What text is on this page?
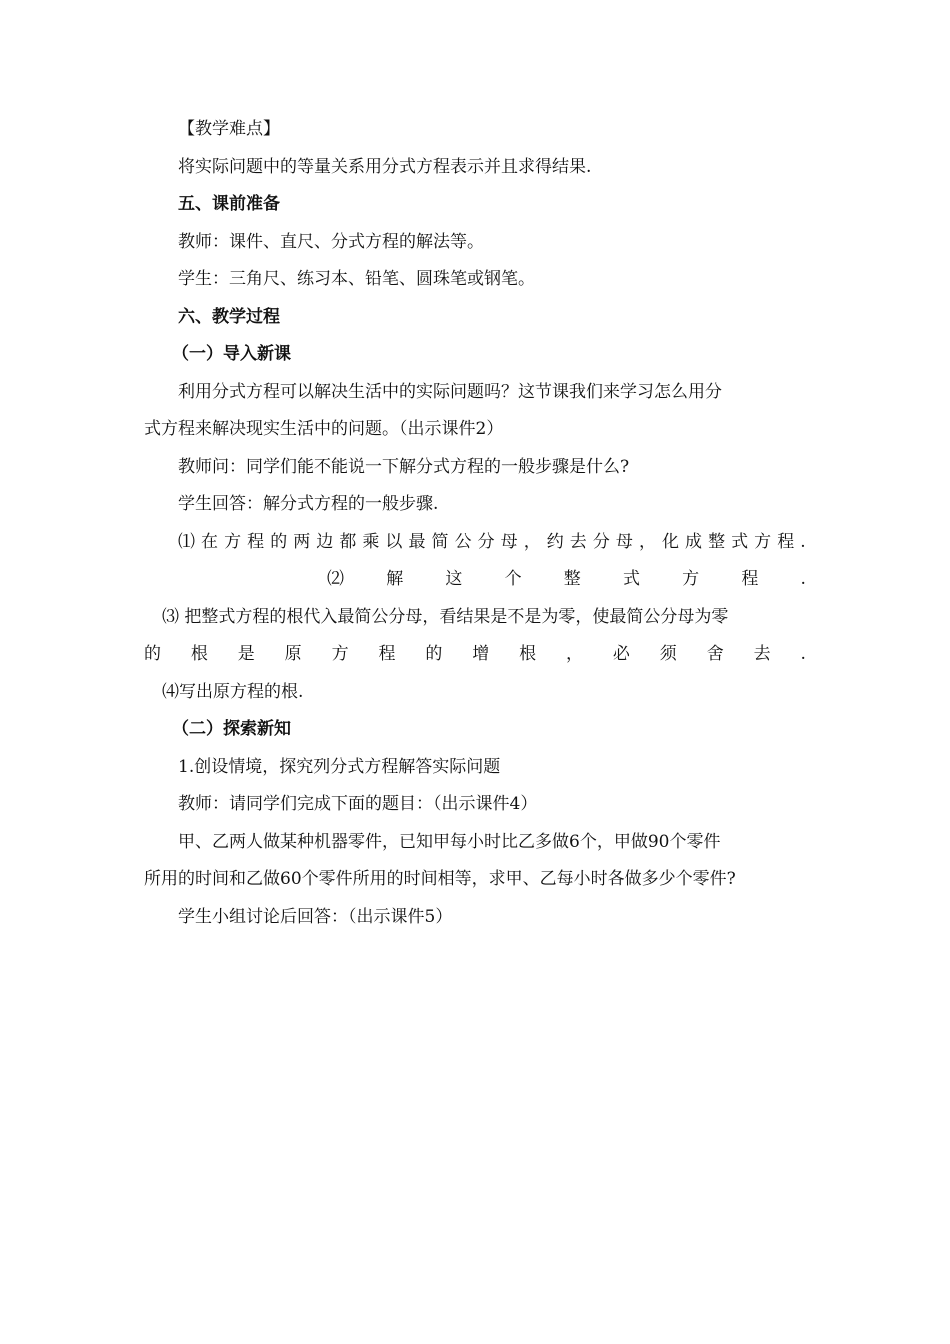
【教学难点】
将实际问题中的等量关系用分式方程表示并且求得结果.
五、课前准备
教师：课件、直尺、分式方程的解法等。
学生：三角尺、练习本、铅笔、圆珠笔或钢笔。
六、教学过程
（一）导入新课
利用分式方程可以解决生活中的实际问题吗？这节课我们来学习怎么用分
式方程来解决现实生活中的问题。（出示课件2）
教师问：同学们能不能说一下解分式方程的一般步骤是什么?
学生回答：解分式方程的一般步骤.
⑴ 在 方 程 的 两 边 都 乘 以 最 简 公 分 母 ， 约 去 分 母 ， 化 成 整 式 方 程 .
⑵ 解 这 个 整 式 方 程 .
⑶ 把整式方程的根代入最简公分母，看结果是不是为零，使最简公分母为零
的 根 是 原 方 程 的 增 根 ， 必 须 舍 去 .
⑷写出原方程的根.
（二）探索新知
1.创设情境，探究列分式方程解答实际问题
教师：请同学们完成下面的题目：（出示课件4）
甲、乙两人做某种机器零件，已知甲每小时比乙多做6个，甲做90个零件
所用的时间和乙做60个零件所用的时间相等，求甲、乙每小时各做多少个零件?
学生小组讨论后回答：（出示课件5）
